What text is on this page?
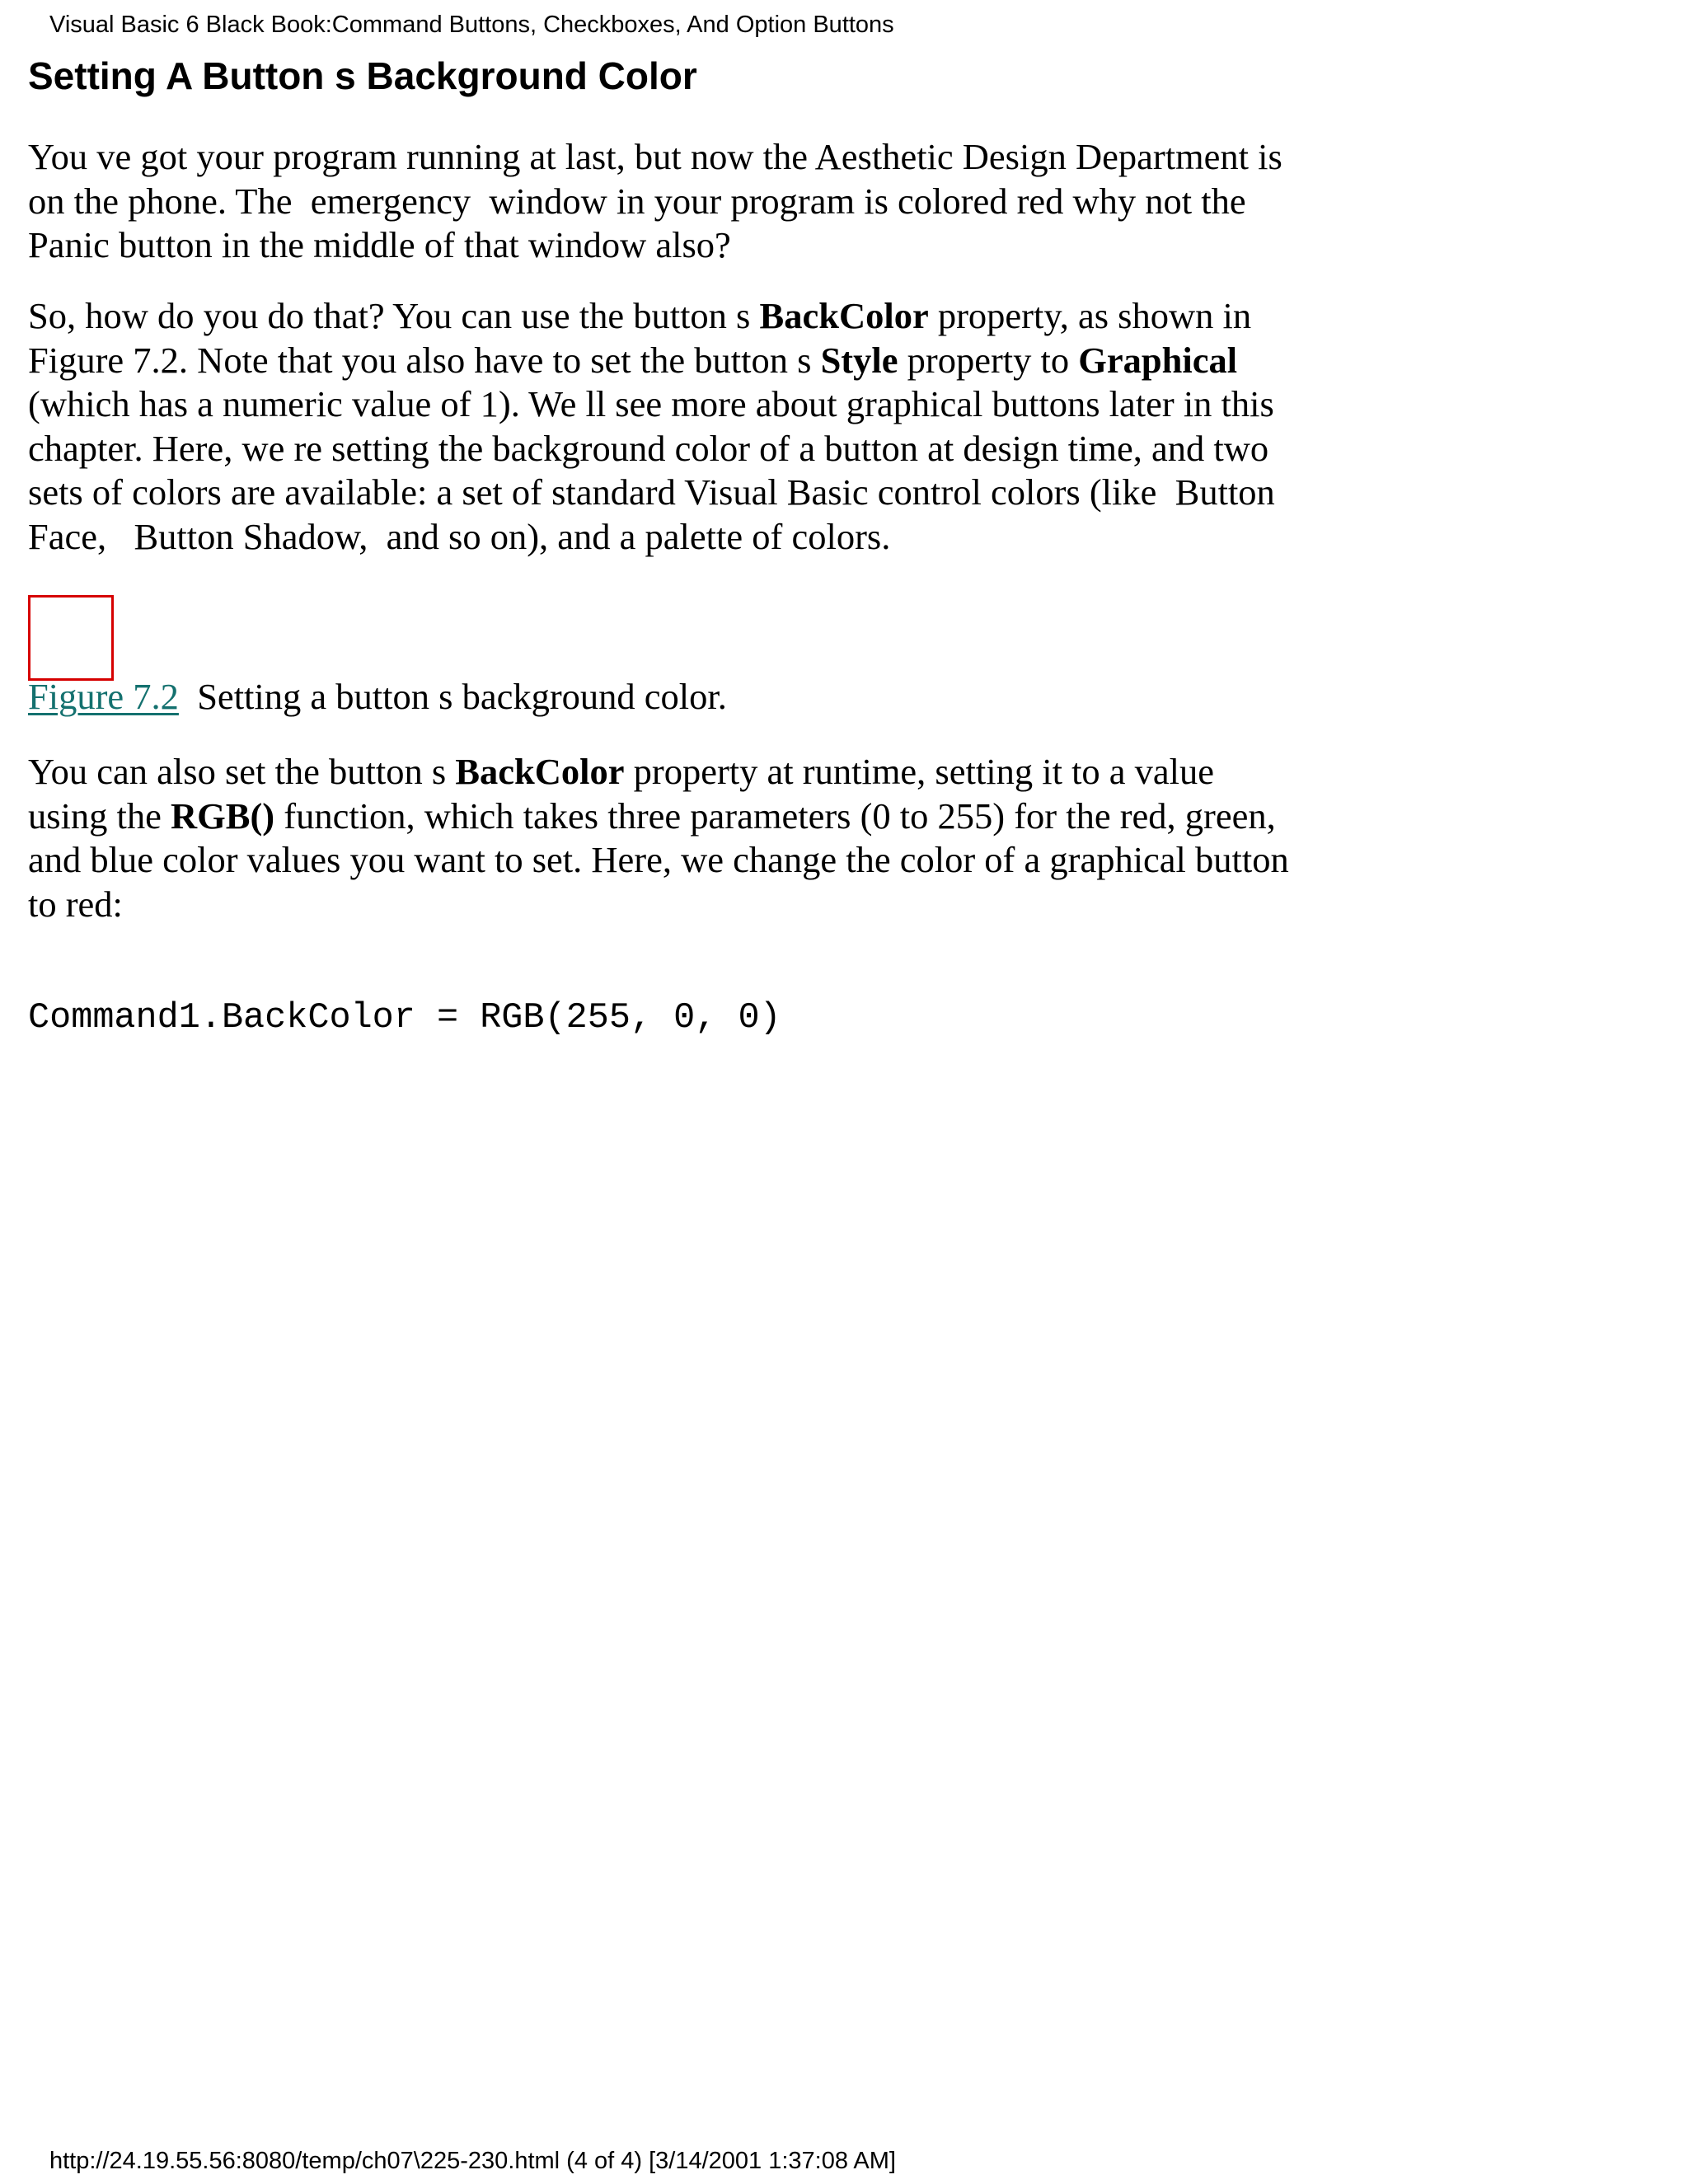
Visual Basic 6 Black Book:Command Buttons, Checkboxes, And Option Buttons
Setting A Button s Background Color
You ve got your program running at last, but now the Aesthetic Design Department is
on the phone. The  emergency  window in your program is colored red why not the
Panic button in the middle of that window also?
So, how do you do that? You can use the button s BackColor property, as shown in
Figure 7.2. Note that you also have to set the button s Style property to Graphical
(which has a numeric value of 1). We ll see more about graphical buttons later in this
chapter. Here, we re setting the background color of a button at design time, and two
sets of colors are available: a set of standard Visual Basic control colors (like  Button
Face,   Button Shadow,  and so on), and a palette of colors.
Figure 7.2  Setting a button s background color.
You can also set the button s BackColor property at runtime, setting it to a value
using the RGB() function, which takes three parameters (0 to 255) for the red, green,
and blue color values you want to set. Here, we change the color of a graphical button
to red:
Command1.BackColor = RGB(255, 0, 0)
http://24.19.55.56:8080/temp/ch07\225-230.html (4 of 4) [3/14/2001 1:37:08 AM]
